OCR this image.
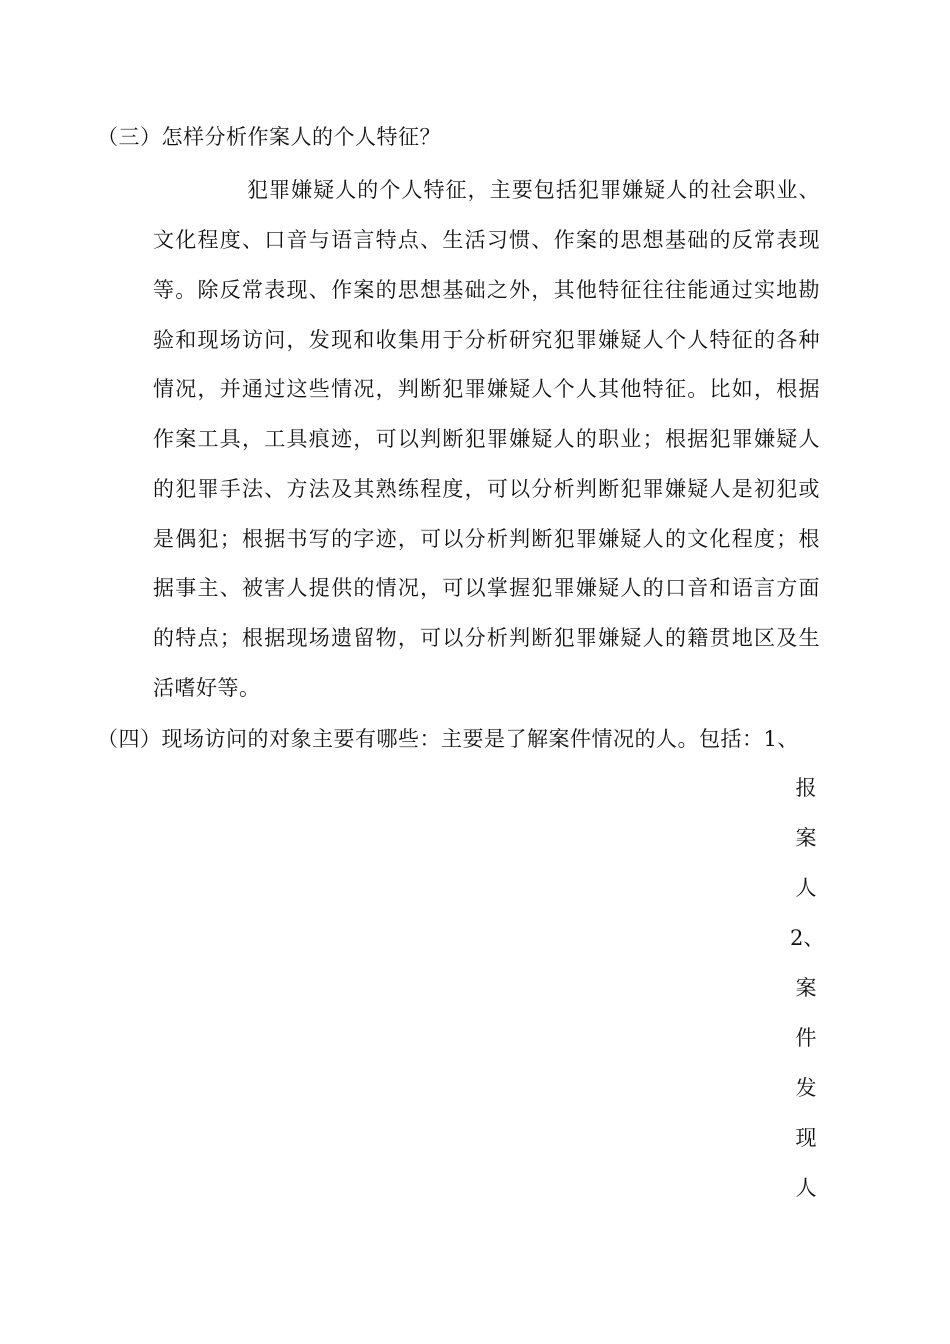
（三）怎样分析作案人的个人特征？
犯罪嫌疑人的个人特征，主要包括犯罪嫌疑人的社会职业、
文化程度、口音与语言特点、生活习惯、作案的思想基础的反常表现
等。除反常表现、作案的思想基础之外，其他特征往往能通过实地勘
验和现场访问，发现和收集用于分析研究犯罪嫌疑人个人特征的各种
情况，并通过这些情况，判断犯罪嫌疑人个人其他特征。比如，根据
作案工具，工具痕迹，可以判断犯罪嫌疑人的职业；根据犯罪嫌疑人
的犯罪手法、方法及其熟练程度，可以分析判断犯罪嫌疑人是初犯或
是偶犯；根据书写的字迹，可以分析判断犯罪嫌疑人的文化程度；根
据事主、被害人提供的情况，可以掌握犯罪嫌疑人的口音和语言方面
的特点；根据现场遗留物，可以分析判断犯罪嫌疑人的籍贯地区及生
活嗜好等。
（四）现场访问的对象主要有哪些：主要是了解案件情况的人。包括：1、
报
案
人
2、
案
件
发
现
人
